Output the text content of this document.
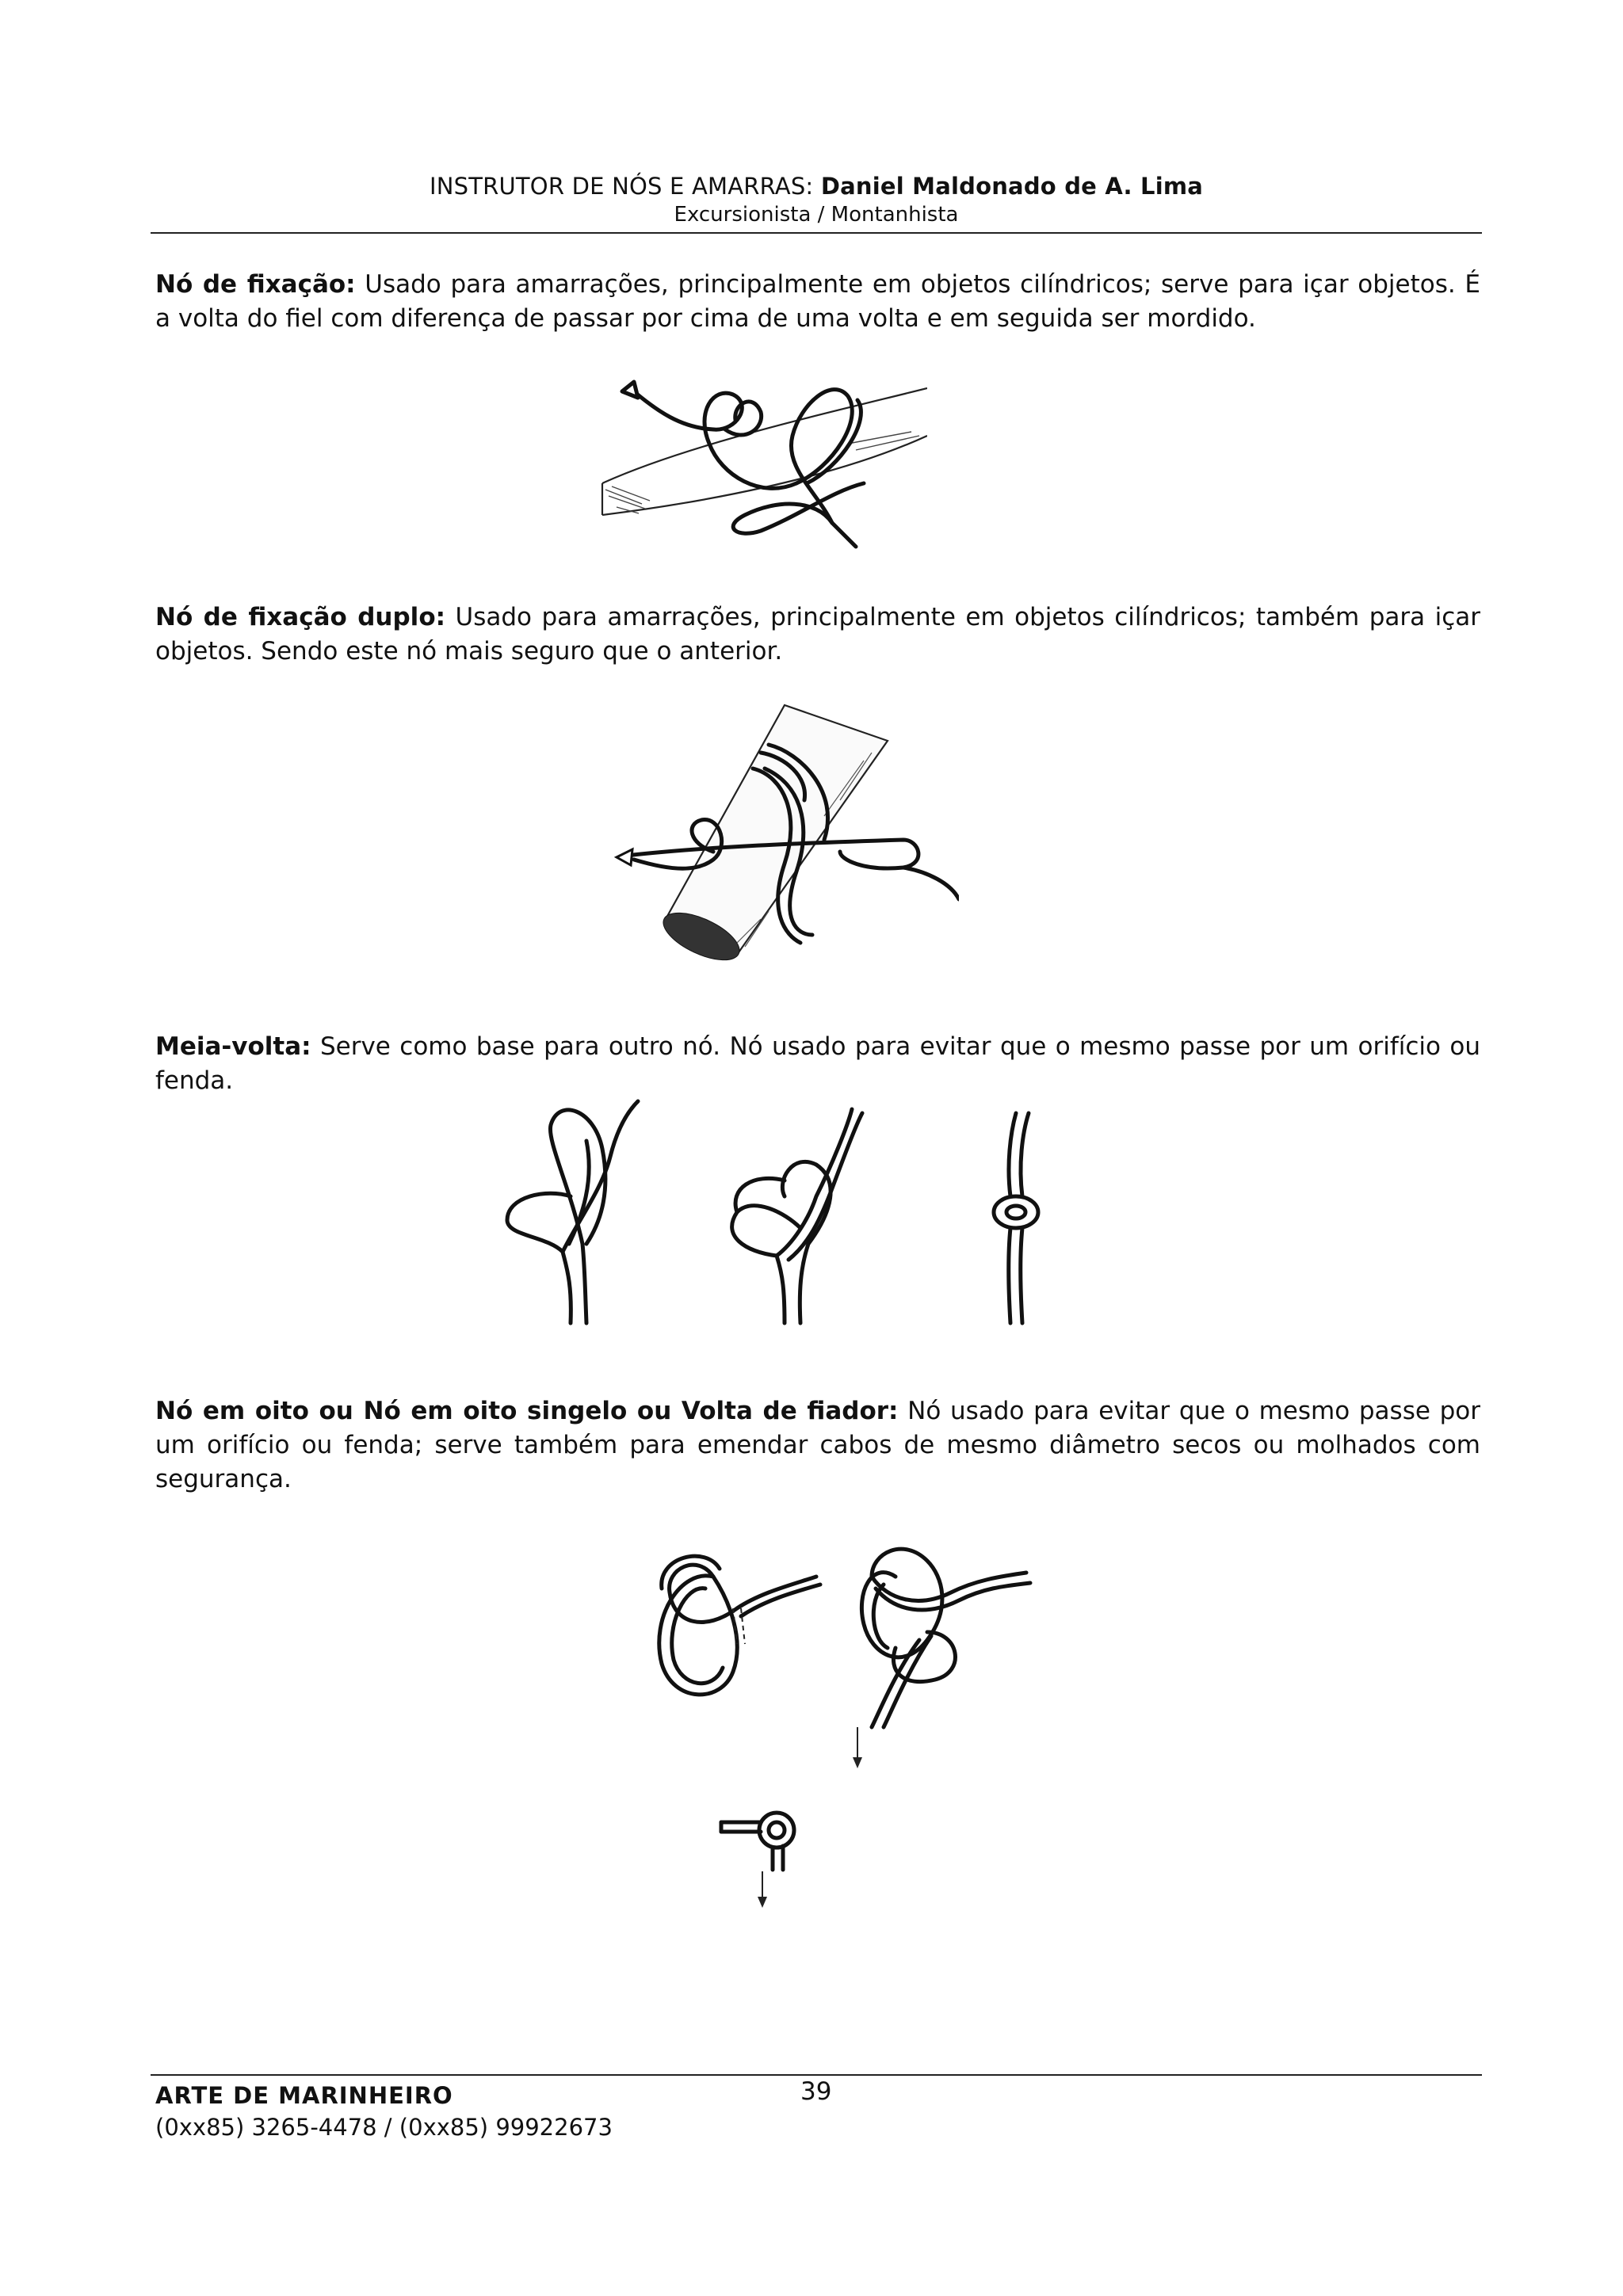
INSTRUTOR DE NÓS E AMARRAS: Daniel Maldonado de A. Lima
Excursionista / Montanhista
Nó de fixação: Usado para amarrações, principalmente em objetos cilíndricos; serve para içar objetos. É a volta do fiel com diferença de passar por cima de uma volta e em seguida ser mordido.
Nó de fixação duplo: Usado para amarrações, principalmente em objetos cilíndricos; também para içar objetos. Sendo este nó mais seguro que o anterior.
Meia-volta: Serve como base para outro nó. Nó usado para evitar que o mesmo passe por um orifício ou fenda.
Nó em oito ou Nó em oito singelo ou Volta de fiador: Nó usado para evitar que o mesmo passe por um orifício ou fenda; serve também para emendar cabos de mesmo diâmetro secos ou molhados com segurança.
ARTE DE MARINHEIRO
(0xx85) 3265-4478 / (0xx85) 99922673
39
